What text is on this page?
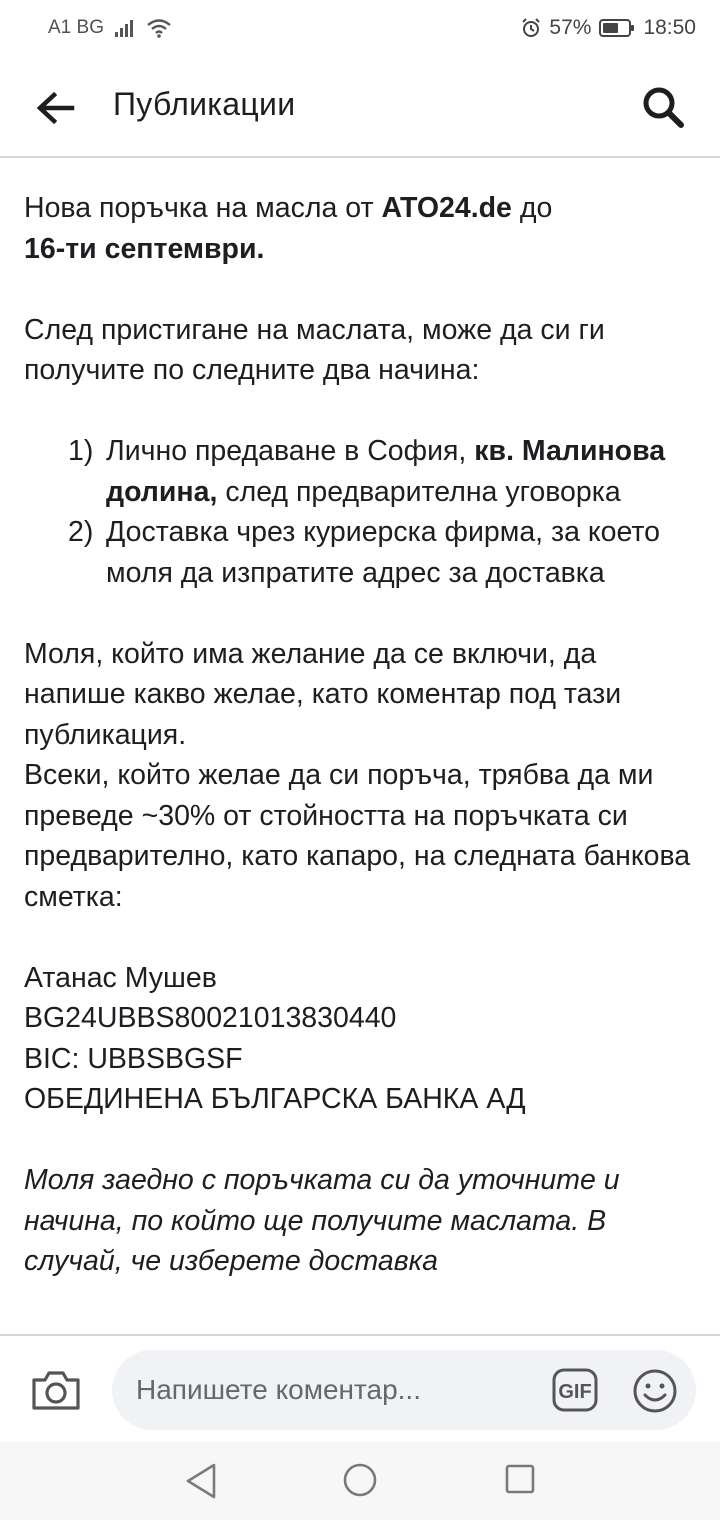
A1 BG	57% 18:50
Публикации

Нова поръчка на масла от ATO24.de до
16-ти септември.

След пристигане на маслата, може да си ги получите по следните два начина:

1) Лично предаване в София, кв. Малинова долина, след предварителна уговорка
2) Доставка чрез куриерска фирма, за което моля да изпратите адрес за доставка

Моля, който има желание да се включи, да напише какво желае, като коментар под тази публикация.

Всеки, който желае да си поръча, трябва да ми преведе ~30% от стойността на поръчката си предварително, като капаро, на следната банкова сметка:

Атанас Мушев
BG24UBBS80021013830440
BIC: UBBSBGSF
ОБЕДИНЕНА БЪЛГАРСКА БАНКА АД

Моля заедно с поръчката си да уточните и начина, по който ще получите маслата. В случай, че изберете доставка

Напишете коментар...
GIF
